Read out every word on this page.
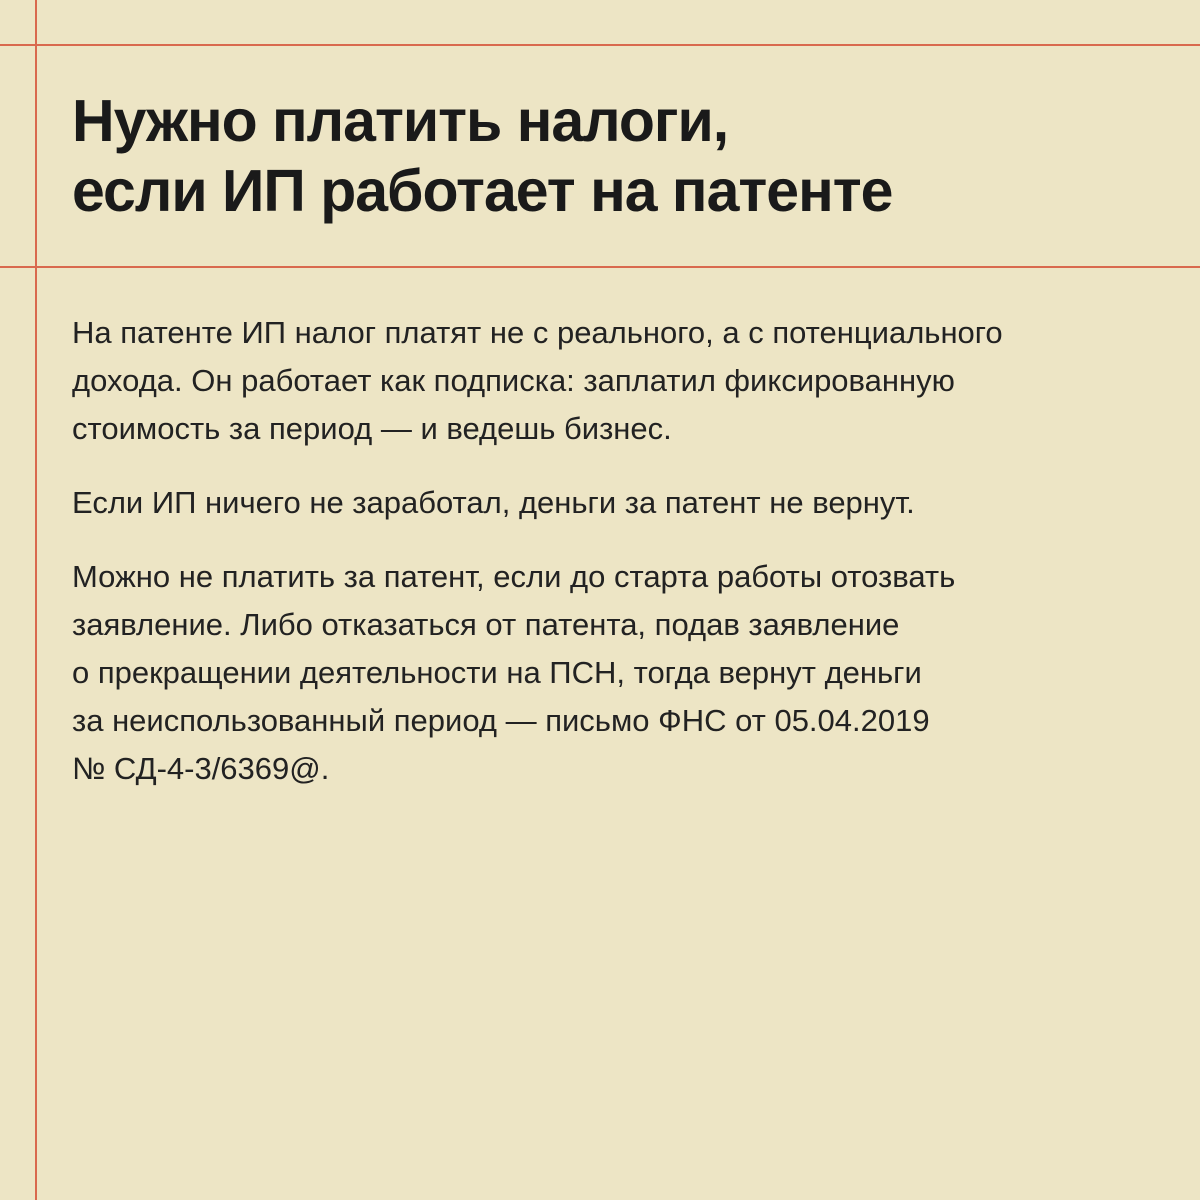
Нужно платить налоги,
если ИП работает на патенте

На патенте ИП налог платят не с реального, а с потенциального
дохода. Он работает как подписка: заплатил фиксированную
стоимость за период — и ведешь бизнес.

Если ИП ничего не заработал, деньги за патент не вернут.

Можно не платить за патент, если до старта работы отозвать
заявление. Либо отказаться от патента, подав заявление
о прекращении деятельности на ПСН, тогда вернут деньги
за неиспользованный период — письмо ФНС от 05.04.2019
№ СД-4-3/6369@.
